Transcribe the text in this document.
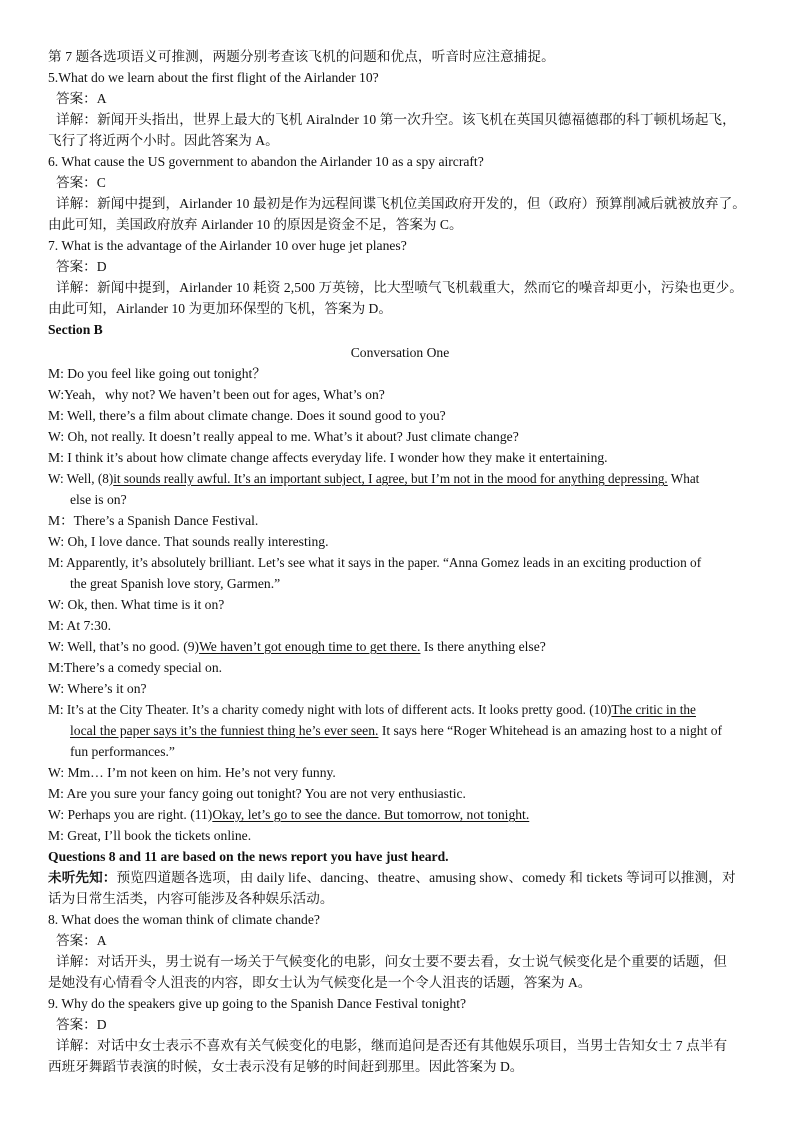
第 7 题各选项语义可推测，两题分别考查该飞机的问题和优点，听音时应注意捕捉。
5.What do we learn about the first flight of the Airlander 10?
答案：A
详解：新闻开头指出，世界上最大的飞机 Airalnder 10 第一次升空。该飞机在英国贝德福德郡的科丁顿机场起飞，
飞行了将近两个小时。因此答案为 A。
6. What cause the US government to abandon the Airlander 10 as a spy aircraft?
答案：C
详解：新闻中提到，Airlander 10 最初是作为远程间谍飞机位美国政府开发的，但（政府）预算削减后就被放弃了。
由此可知，美国政府放弃 Airlander 10 的原因是资金不足，答案为 C。
7. What is the advantage of the Airlander 10 over huge jet planes?
答案：D
详解：新闻中提到，Airlander 10 耗资 2,500 万英镑，比大型喷气飞机载重大，然而它的噪音却更小，污染也更少。
由此可知，Airlander 10 为更加环保型的飞机，答案为 D。
Section B
Conversation One
M: Do you feel like going out tonight？
W:Yeah，why not? We haven’t been out for ages, What’s on?
M: Well, there’s a film about climate change. Does it sound good to you?
W: Oh, not really. It doesn’t really appeal to me. What’s it about? Just climate change?
M: I think it’s about how climate change affects everyday life. I wonder how they make it entertaining.
W: Well, (8)it sounds really awful. It’s an important subject, I agree, but I’m not in the mood for anything depressing. What
else is on?
M：There’s a Spanish Dance Festival.
W: Oh, I love dance. That sounds really interesting.
M: Apparently, it’s absolutely brilliant. Let’s see what it says in the paper. “Anna Gomez leads in an exciting production of
the great Spanish love story, Garmen.”
W: Ok, then. What time is it on?
M: At 7:30.
W: Well, that’s no good. (9)We haven’t got enough time to get there. Is there anything else?
M:There’s a comedy special on.
W: Where’s it on?
M: It’s at the City Theater. It’s a charity comedy night with lots of different acts. It looks pretty good. (10)The critic in the
local the paper says it’s the funniest thing he’s ever seen. It says here “Roger Whitehead is an amazing host to a night of
fun performances.”
W: Mm… I’m not keen on him. He’s not very funny.
M: Are you sure your fancy going out tonight? You are not very enthusiastic.
W: Perhaps you are right. (11)Okay, let’s go to see the dance. But tomorrow, not tonight.
M: Great, I’ll book the tickets online.
Questions 8 and 11 are based on the news report you have just heard.
未听先知：预览四道题各选项，由 daily life、dancing、theatre、amusing show、comedy 和 tickets 等词可以推测，对
话为日常生活类，内容可能涉及各种娱乐活动。
8. What does the woman think of climate chande?
答案：A
详解：对话开头，男士说有一场关于气候变化的电影，问女士要不要去看，女士说气候变化是个重要的话题，但
是她没有心情看令人沮丧的内容，即女士认为气候变化是一个令人沮丧的话题，答案为 A。
9. Why do the speakers give up going to the Spanish Dance Festival tonight?
答案：D
详解：对话中女士表示不喜欢有关气候变化的电影，继而追问是否还有其他娱乐项目，当男士告知女士 7 点半有
西班牙舞蹈节表演的时候，女士表示没有足够的时间赶到那里。因此答案为 D。
